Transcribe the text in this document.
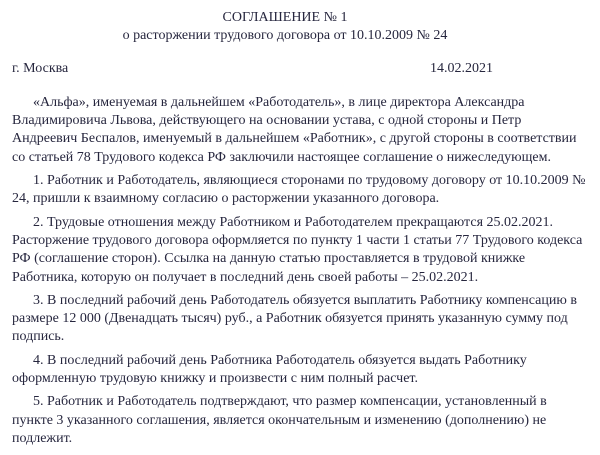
СОГЛАШЕНИЕ № 1
о расторжении трудового договора от 10.10.2009 № 24
г. Москва	14.02.2021

«Альфа», именуемая в дальнейшем «Работодатель», в лице директора Александра Владимировича Львова, действующего на основании устава, с одной стороны и Петр Андреевич Беспалов, именуемый в дальнейшем «Работник», с другой стороны в соответствии со статьей 78 Трудового кодекса РФ заключили настоящее соглашение о нижеследующем.

1. Работник и Работодатель, являющиеся сторонами по трудовому договору от 10.10.2009 № 24, пришли к взаимному согласию о расторжении указанного договора.

2. Трудовые отношения между Работником и Работодателем прекращаются 25.02.2021. Расторжение трудового договора оформляется по пункту 1 части 1 статьи 77 Трудового кодекса РФ (соглашение сторон). Ссылка на данную статью проставляется в трудовой книжке Работника, которую он получает в последний день своей работы – 25.02.2021.

3. В последний рабочий день Работодатель обязуется выплатить Работнику компенсацию в размере 12 000 (Двенадцать тысяч) руб., а Работник обязуется принять указанную сумму под подпись.

4. В последний рабочий день Работника Работодатель обязуется выдать Работнику оформленную трудовую книжку и произвести с ним полный расчет.

5. Работник и Работодатель подтверждают, что размер компенсации, установленный в пункте 3 указанного соглашения, является окончательным и изменению (дополнению) не подлежит.
